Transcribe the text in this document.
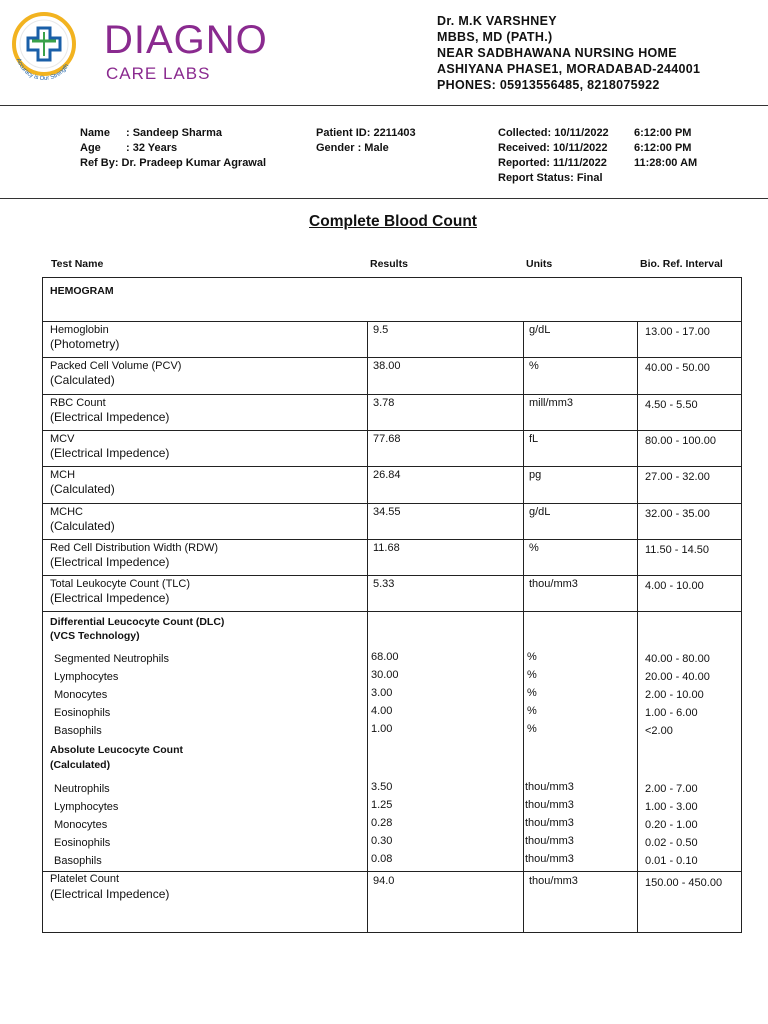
Accuracy is Our Strength
DIAGNO
CARE LABS
Dr. M.K VARSHNEY
MBBS, MD (PATH.)
NEAR SADBHAWANA NURSING HOME
ASHIYANA PHASE1, MORADABAD-244001
PHONES: 05913556485, 8218075922
Name : Sandeep Sharma
Age : 32 Years
Ref By: Dr. Pradeep Kumar Agrawal
Patient ID: 2211403
Gender : Male
Collected: 10/11/2022 6:12:00 PM
Received: 10/11/2022 6:12:00 PM
Reported: 11/11/2022 11:28:00 AM
Report Status: Final
Complete Blood Count
Test Name	Results	Units	Bio. Ref. Interval
HEMOGRAM
Hemoglobin
(Photometry)
9.5	g/dL	13.00 - 17.00
Packed Cell Volume (PCV)
(Calculated)
38.00	%	40.00 - 50.00
RBC Count
(Electrical Impedence)
3.78	mill/mm3	4.50 - 5.50
MCV
(Electrical Impedence)
77.68	fL	80.00 - 100.00
MCH
(Calculated)
26.84	pg	27.00 - 32.00
MCHC
(Calculated)
34.55	g/dL	32.00 - 35.00
Red Cell Distribution Width (RDW)
(Electrical Impedence)
11.68	%	11.50 - 14.50
Total Leukocyte Count (TLC)
(Electrical Impedence)
5.33	thou/mm3	4.00 - 10.00
Differential Leucocyte Count (DLC)
(VCS Technology)
Segmented Neutrophils	68.00	%	40.00 - 80.00
Lymphocytes	30.00	%	20.00 - 40.00
Monocytes	3.00	%	2.00 - 10.00
Eosinophils	4.00	%	1.00 - 6.00
Basophils	1.00	%	<2.00
Absolute Leucocyte Count
(Calculated)
Neutrophils	3.50	thou/mm3	2.00 - 7.00
Lymphocytes	1.25	thou/mm3	1.00 - 3.00
Monocytes	0.28	thou/mm3	0.20 - 1.00
Eosinophils	0.30	thou/mm3	0.02 - 0.50
Basophils	0.08	thou/mm3	0.01 - 0.10
Platelet Count
(Electrical Impedence)
94.0	thou/mm3	150.00 - 450.00
